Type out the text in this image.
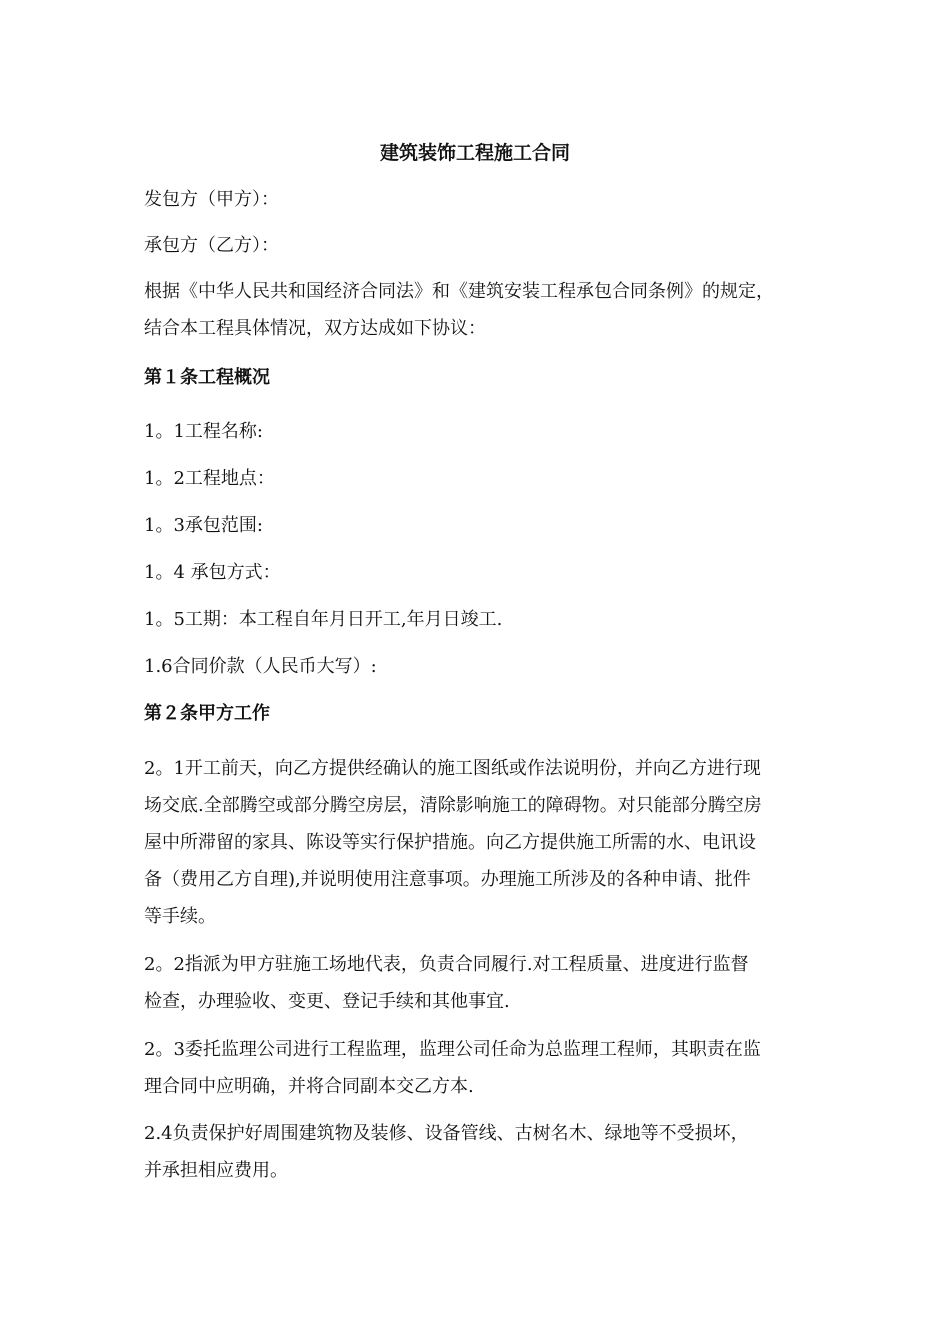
建筑装饰工程施工合同
发包方（甲方）：
承包方（乙方）：
根据《中华人民共和国经济合同法》和《建筑安装工程承包合同条例》的规定，
结合本工程具体情况，双方达成如下协议：
第１条工程概况
1。1工程名称:
1。2工程地点：
1。3承包范围:
1。4 承包方式：
1。5工期：本工程自年月日开工,年月日竣工.
1.6合同价款（人民币大写）:
第２条甲方工作
2。1开工前天，向乙方提供经确认的施工图纸或作法说明份，并向乙方进行现
场交底.全部腾空或部分腾空房层，清除影响施工的障碍物。对只能部分腾空房
屋中所滞留的家具、陈设等实行保护措施。向乙方提供施工所需的水、电讯设
备（费用乙方自理),并说明使用注意事项。办理施工所涉及的各种申请、批件
等手续。
2。2指派为甲方驻施工场地代表，负责合同履行.对工程质量、进度进行监督
检查，办理验收、变更、登记手续和其他事宜.
2。3委托监理公司进行工程监理，监理公司任命为总监理工程师，其职责在监
理合同中应明确，并将合同副本交乙方本.
2.4负责保护好周围建筑物及装修、设备管线、古树名木、绿地等不受损坏，
并承担相应费用。
